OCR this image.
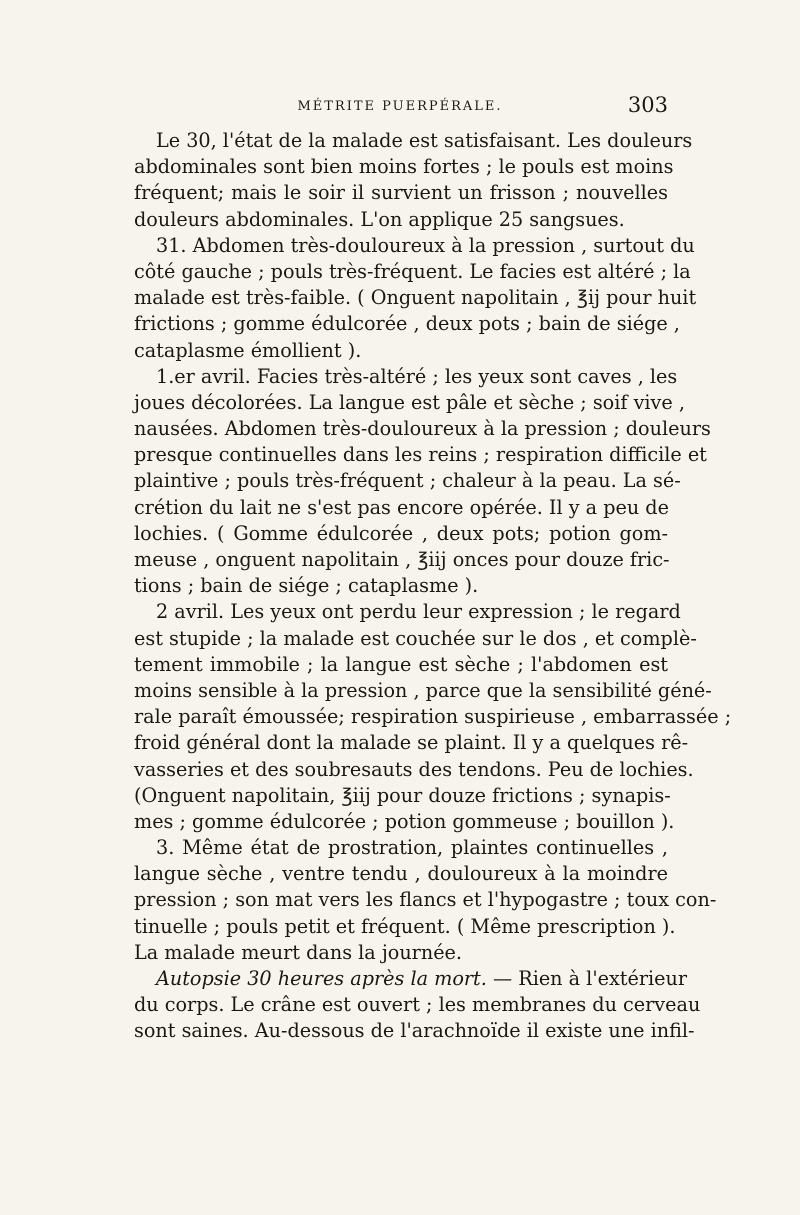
MÉTRITE PUERPÉRALE.	303
Le 30, l'état de la malade est satisfaisant. Les douleurs
abdominales sont bien moins fortes ; le pouls est moins
fréquent; mais le soir il survient un frisson ; nouvelles
douleurs abdominales. L'on applique 25 sangsues.
31. Abdomen très-douloureux à la pression , surtout du
côté gauche ; pouls très-fréquent. Le facies est altéré ; la
malade est très-faible. ( Onguent napolitain , ℥ij pour huit
frictions ; gomme édulcorée , deux pots ; bain de siége ,
cataplasme émollient ).
1.er avril. Facies très-altéré ; les yeux sont caves , les
joues décolorées. La langue est pâle et sèche ; soif vive ,
nausées. Abdomen très-douloureux à la pression ; douleurs
presque continuelles dans les reins ; respiration difficile et
plaintive ; pouls très-fréquent ; chaleur à la peau. La sé-
crétion du lait ne s'est pas encore opérée. Il y a peu de
lochies. ( Gomme édulcorée , deux pots; potion gom-
meuse , onguent napolitain , ℥iij onces pour douze fric-
tions ; bain de siége ; cataplasme ).
2 avril. Les yeux ont perdu leur expression ; le regard
est stupide ; la malade est couchée sur le dos , et complè-
tement immobile ; la langue est sèche ; l'abdomen est
moins sensible à la pression , parce que la sensibilité géné-
rale paraît émoussée; respiration suspirieuse , embarrassée ;
froid général dont la malade se plaint. Il y a quelques rê-
vasseries et des soubresauts des tendons. Peu de lochies.
(Onguent napolitain, ℥iij pour douze frictions ; synapis-
mes ; gomme édulcorée ; potion gommeuse ; bouillon ).
3. Même état de prostration, plaintes continuelles ,
langue sèche , ventre tendu , douloureux à la moindre
pression ; son mat vers les flancs et l'hypogastre ; toux con-
tinuelle ; pouls petit et fréquent. ( Même prescription ).
La malade meurt dans la journée.
Autopsie 30 heures après la mort. — Rien à l'extérieur
du corps. Le crâne est ouvert ; les membranes du cerveau
sont saines. Au-dessous de l'arachnoïde il existe une infil-
